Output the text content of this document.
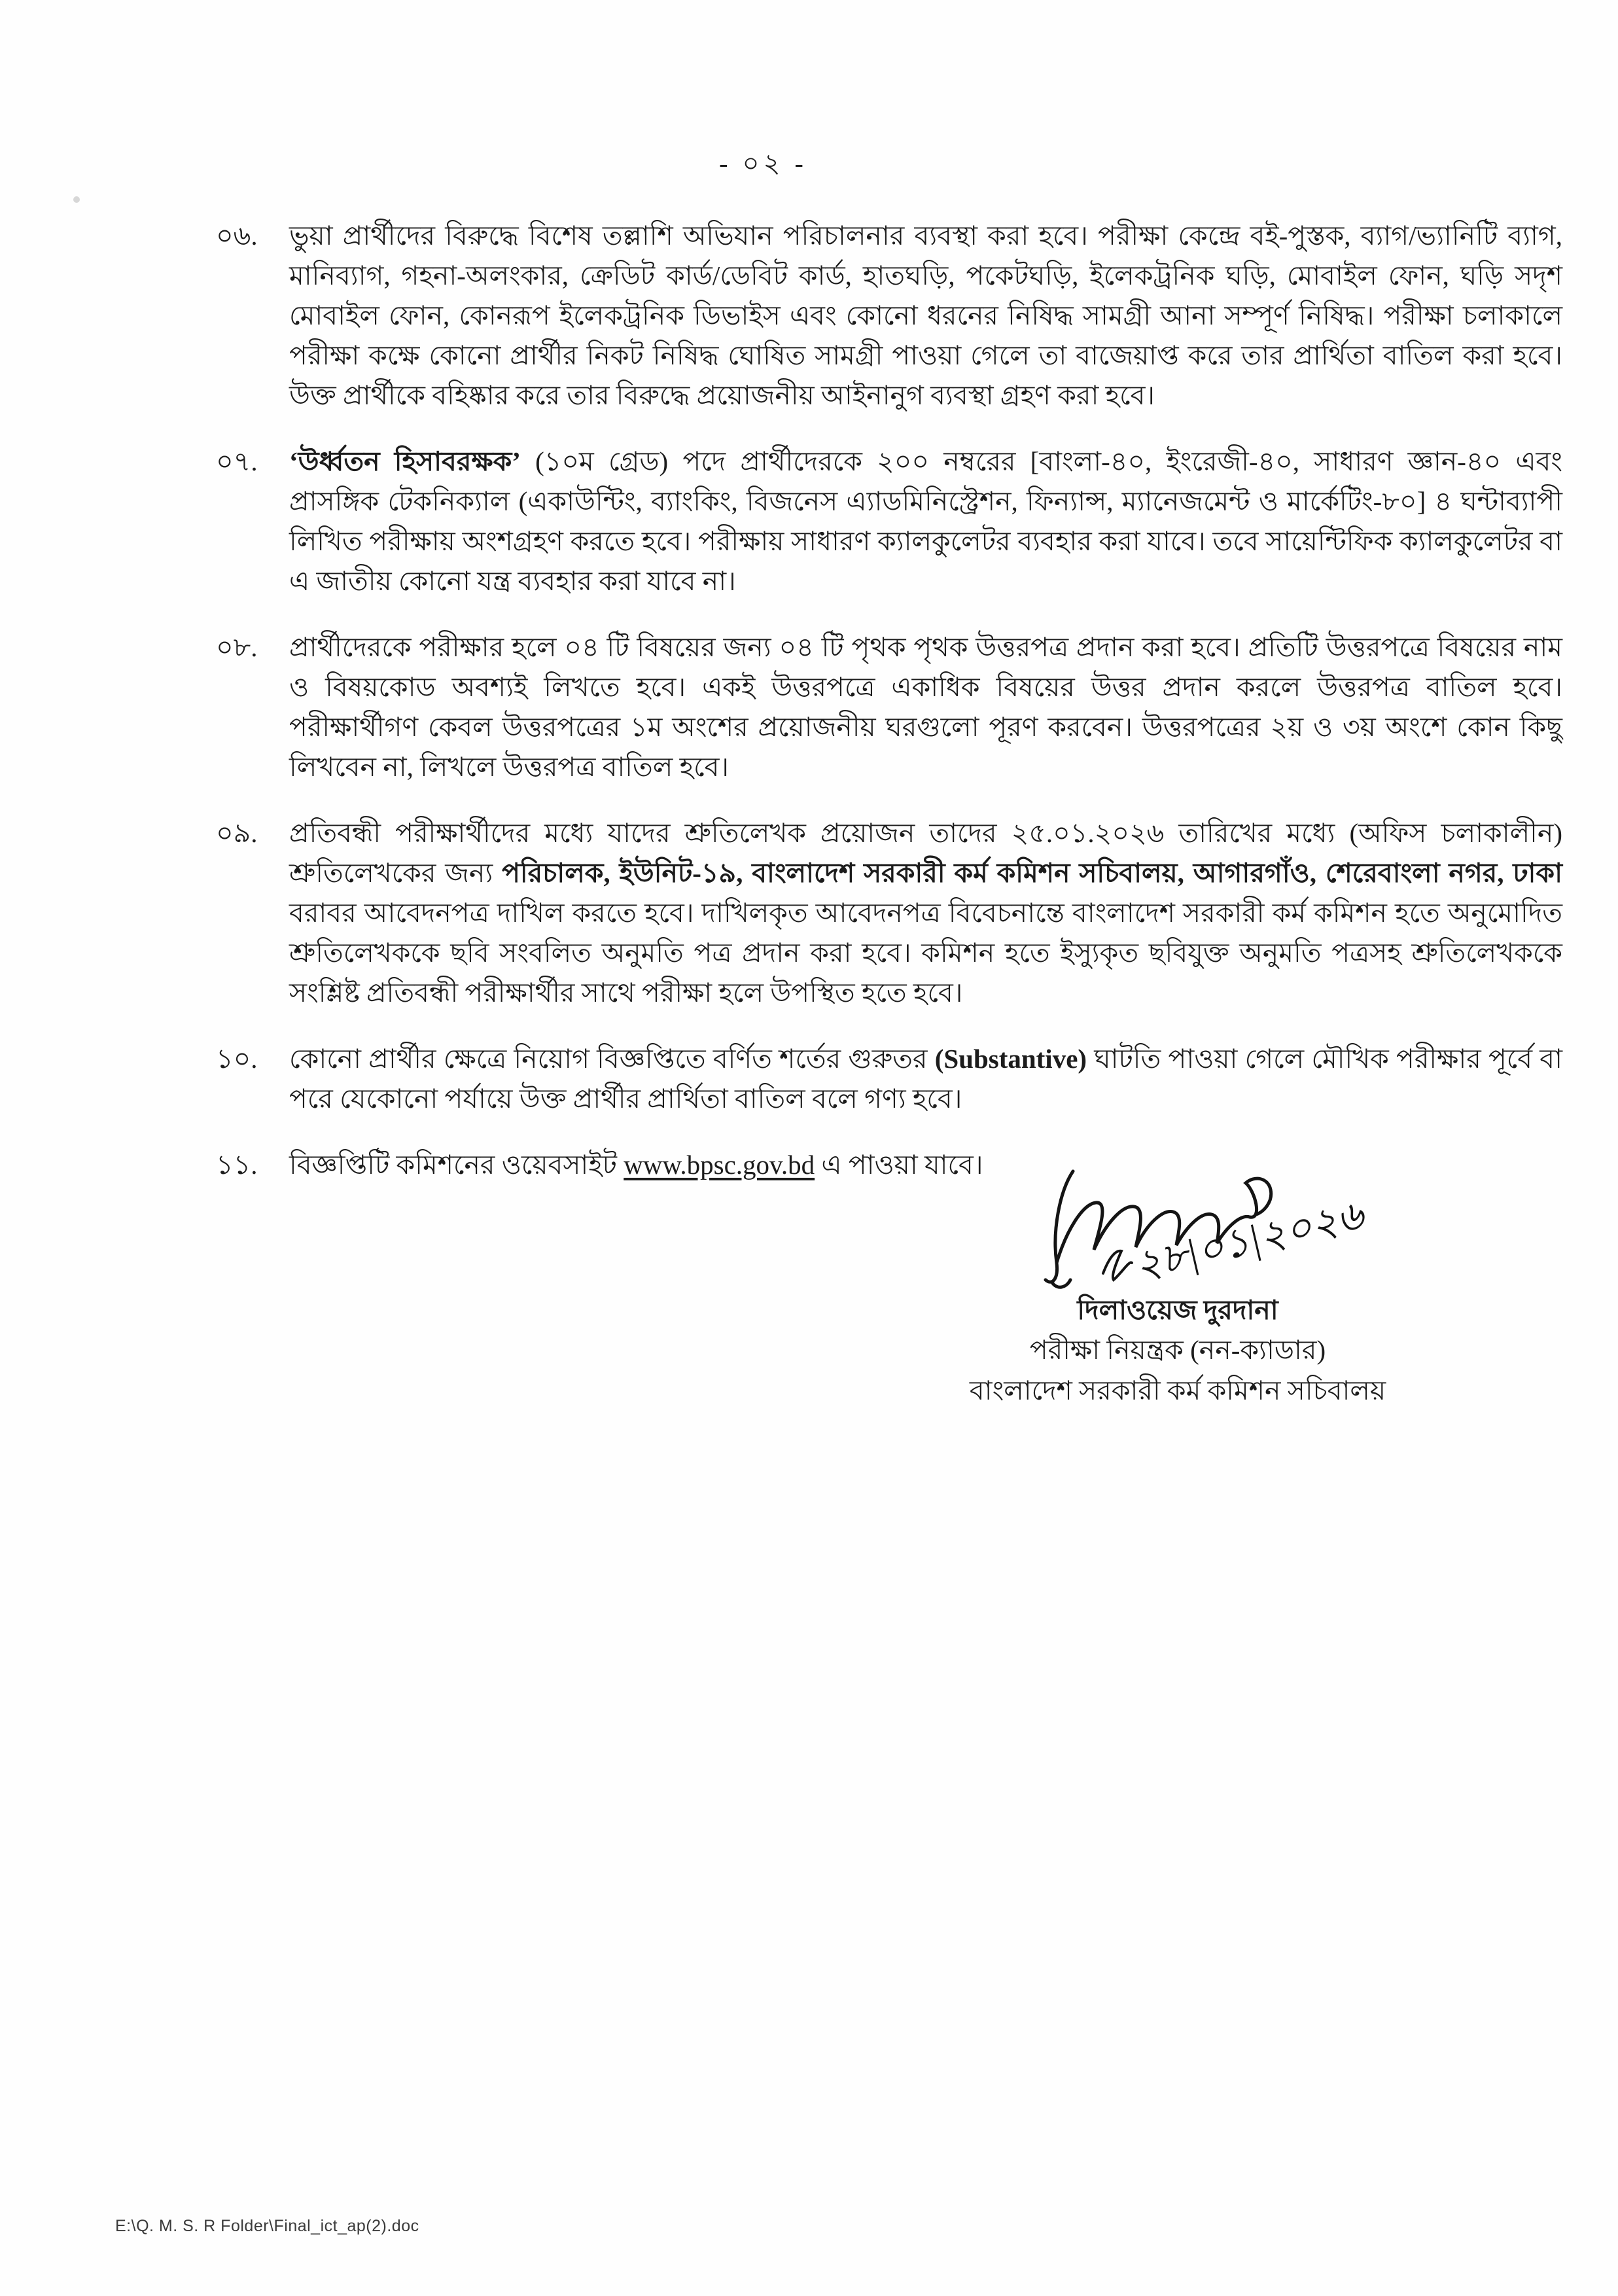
- ০২ -
০৬.	ভুয়া প্রার্থীদের বিরুদ্ধে বিশেষ তল্লাশি অভিযান পরিচালনার ব্যবস্থা করা হবে। পরীক্ষা কেন্দ্রে বই-পুস্তক, ব্যাগ/ভ্যানিটি ব্যাগ, মানিব্যাগ, গহনা-অলংকার, ক্রেডিট কার্ড/ডেবিট কার্ড, হাতঘড়ি, পকেটঘড়ি, ইলেকট্রনিক ঘড়ি, মোবাইল ফোন, ঘড়ি সদৃশ মোবাইল ফোন, কোনরূপ ইলেকট্রনিক ডিভাইস এবং কোনো ধরনের নিষিদ্ধ সামগ্রী আনা সম্পূর্ণ নিষিদ্ধ। পরীক্ষা চলাকালে পরীক্ষা কক্ষে কোনো প্রার্থীর নিকট নিষিদ্ধ ঘোষিত সামগ্রী পাওয়া গেলে তা বাজেয়াপ্ত করে তার প্রার্থিতা বাতিল করা হবে। উক্ত প্রার্থীকে বহিষ্কার করে তার বিরুদ্ধে প্রয়োজনীয় আইনানুগ ব্যবস্থা গ্রহণ করা হবে।
০৭.	‘উর্ধ্বতন হিসাবরক্ষক’ (১০ম গ্রেড) পদে প্রার্থীদেরকে ২০০ নম্বরের [বাংলা-৪০, ইংরেজী-৪০, সাধারণ জ্ঞান-৪০ এবং প্রাসঙ্গিক টেকনিক্যাল (একাউন্টিং, ব্যাংকিং, বিজনেস এ্যাডমিনিস্ট্রেশন, ফিন্যান্স, ম্যানেজমেন্ট ও মার্কেটিং-৮০] ৪ ঘন্টাব্যাপী লিখিত পরীক্ষায় অংশগ্রহণ করতে হবে। পরীক্ষায় সাধারণ ক্যালকুলেটর ব্যবহার করা যাবে। তবে সায়েন্টিফিক ক্যালকুলেটর বা এ জাতীয় কোনো যন্ত্র ব্যবহার করা যাবে না।
০৮.	প্রার্থীদেরকে পরীক্ষার হলে ০৪ টি বিষয়ের জন্য ০৪ টি পৃথক পৃথক উত্তরপত্র প্রদান করা হবে। প্রতিটি উত্তরপত্রে বিষয়ের নাম ও বিষয়কোড অবশ্যই লিখতে হবে। একই উত্তরপত্রে একাধিক বিষয়ের উত্তর প্রদান করলে উত্তরপত্র বাতিল হবে। পরীক্ষার্থীগণ কেবল উত্তরপত্রের ১ম অংশের প্রয়োজনীয় ঘরগুলো পূরণ করবেন। উত্তরপত্রের ২য় ও ৩য় অংশে কোন কিছু লিখবেন না, লিখলে উত্তরপত্র বাতিল হবে।
০৯.	প্রতিবন্ধী পরীক্ষার্থীদের মধ্যে যাদের শ্রুতিলেখক প্রয়োজন তাদের ২৫.০১.২০২৬ তারিখের মধ্যে (অফিস চলাকালীন) শ্রুতিলেখকের জন্য পরিচালক, ইউনিট-১৯, বাংলাদেশ সরকারী কর্ম কমিশন সচিবালয়, আগারগাঁও, শেরেবাংলা নগর, ঢাকা বরাবর আবেদনপত্র দাখিল করতে হবে। দাখিলকৃত আবেদনপত্র বিবেচনান্তে বাংলাদেশ সরকারী কর্ম কমিশন হতে অনুমোদিত শ্রুতিলেখককে ছবি সংবলিত অনুমতি পত্র প্রদান করা হবে। কমিশন হতে ইস্যুকৃত ছবিযুক্ত অনুমতি পত্রসহ শ্রুতিলেখককে সংশ্লিষ্ট প্রতিবন্ধী পরীক্ষার্থীর সাথে পরীক্ষা হলে উপস্থিত হতে হবে।
১০.	কোনো প্রার্থীর ক্ষেত্রে নিয়োগ বিজ্ঞপ্তিতে বর্ণিত শর্তের গুরুতর (Substantive) ঘাটতি পাওয়া গেলে মৌখিক পরীক্ষার পূর্বে বা পরে যেকোনো পর্যায়ে উক্ত প্রার্থীর প্রার্থিতা বাতিল বলে গণ্য হবে।
১১.	বিজ্ঞপ্তিটি কমিশনের ওয়েবসাইট www.bpsc.gov.bd এ পাওয়া যাবে।
২৮|০১|২০২৬
দিলাওয়েজ দুরদানা
পরীক্ষা নিয়ন্ত্রক (নন-ক্যাডার)
বাংলাদেশ সরকারী কর্ম কমিশন সচিবালয়
E:\Q. M. S. R Folder\Final_ict_ap(2).doc
